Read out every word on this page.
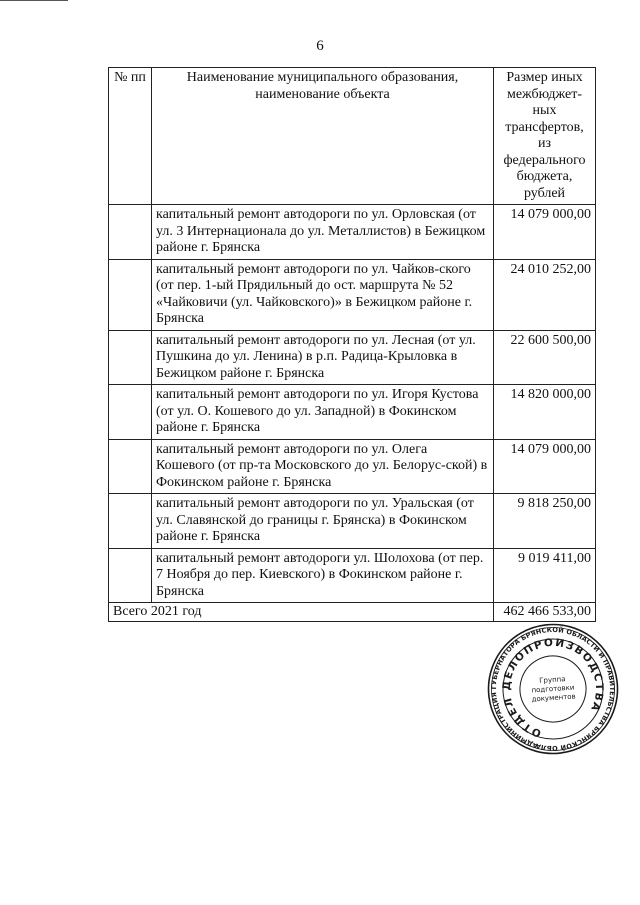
6
№ пп	Наименование муниципального образования, наименование объекта	Размер иных межбюджет-ных трансфертов, из федерального бюджета, рублей
	капитальный ремонт автодороги по ул. Орловская (от ул. 3 Интернационала до ул. Металлистов) в Бежицком районе г. Брянска	14 079 000,00
	капитальный ремонт автодороги по ул. Чайков-ского (от пер. 1-ый Прядильный до ост. маршрута № 52 «Чайковичи (ул. Чайковского)» в Бежицком районе г. Брянска	24 010 252,00
	капитальный ремонт автодороги по ул. Лесная (от ул. Пушкина до ул. Ленина) в р.п. Радица-Крыловка в Бежицком районе г. Брянска	22 600 500,00
	капитальный ремонт автодороги по ул. Игоря Кустова (от ул. О. Кошевого до ул. Западной) в Фокинском районе г. Брянска	14 820 000,00
	капитальный ремонт автодороги по ул. Олега Кошевого (от пр-та Московского до ул. Белорус-ской) в Фокинском районе г. Брянска	14 079 000,00
	капитальный ремонт автодороги по ул. Уральская (от ул. Славянской до границы г. Брянска) в Фокинском районе г. Брянска	9 818 250,00
	капитальный ремонт автодороги ул. Шолохова (от пер. 7 Ноября до пер. Киевского) в Фокинском районе г. Брянска	9 019 411,00
Всего 2021 год		462 466 533,00
АДМИНИСТРАЦИЯ ГУБЕРНАТОРА БРЯНСКОЙ ОБЛАСТИ И ПРАВИТЕЛЬСТВА БРЯНСКОЙ ОБЛАСТИ	ОТДЕЛ ДЕЛОПРОИЗВОДСТВА
Группа
подготовки
документов
